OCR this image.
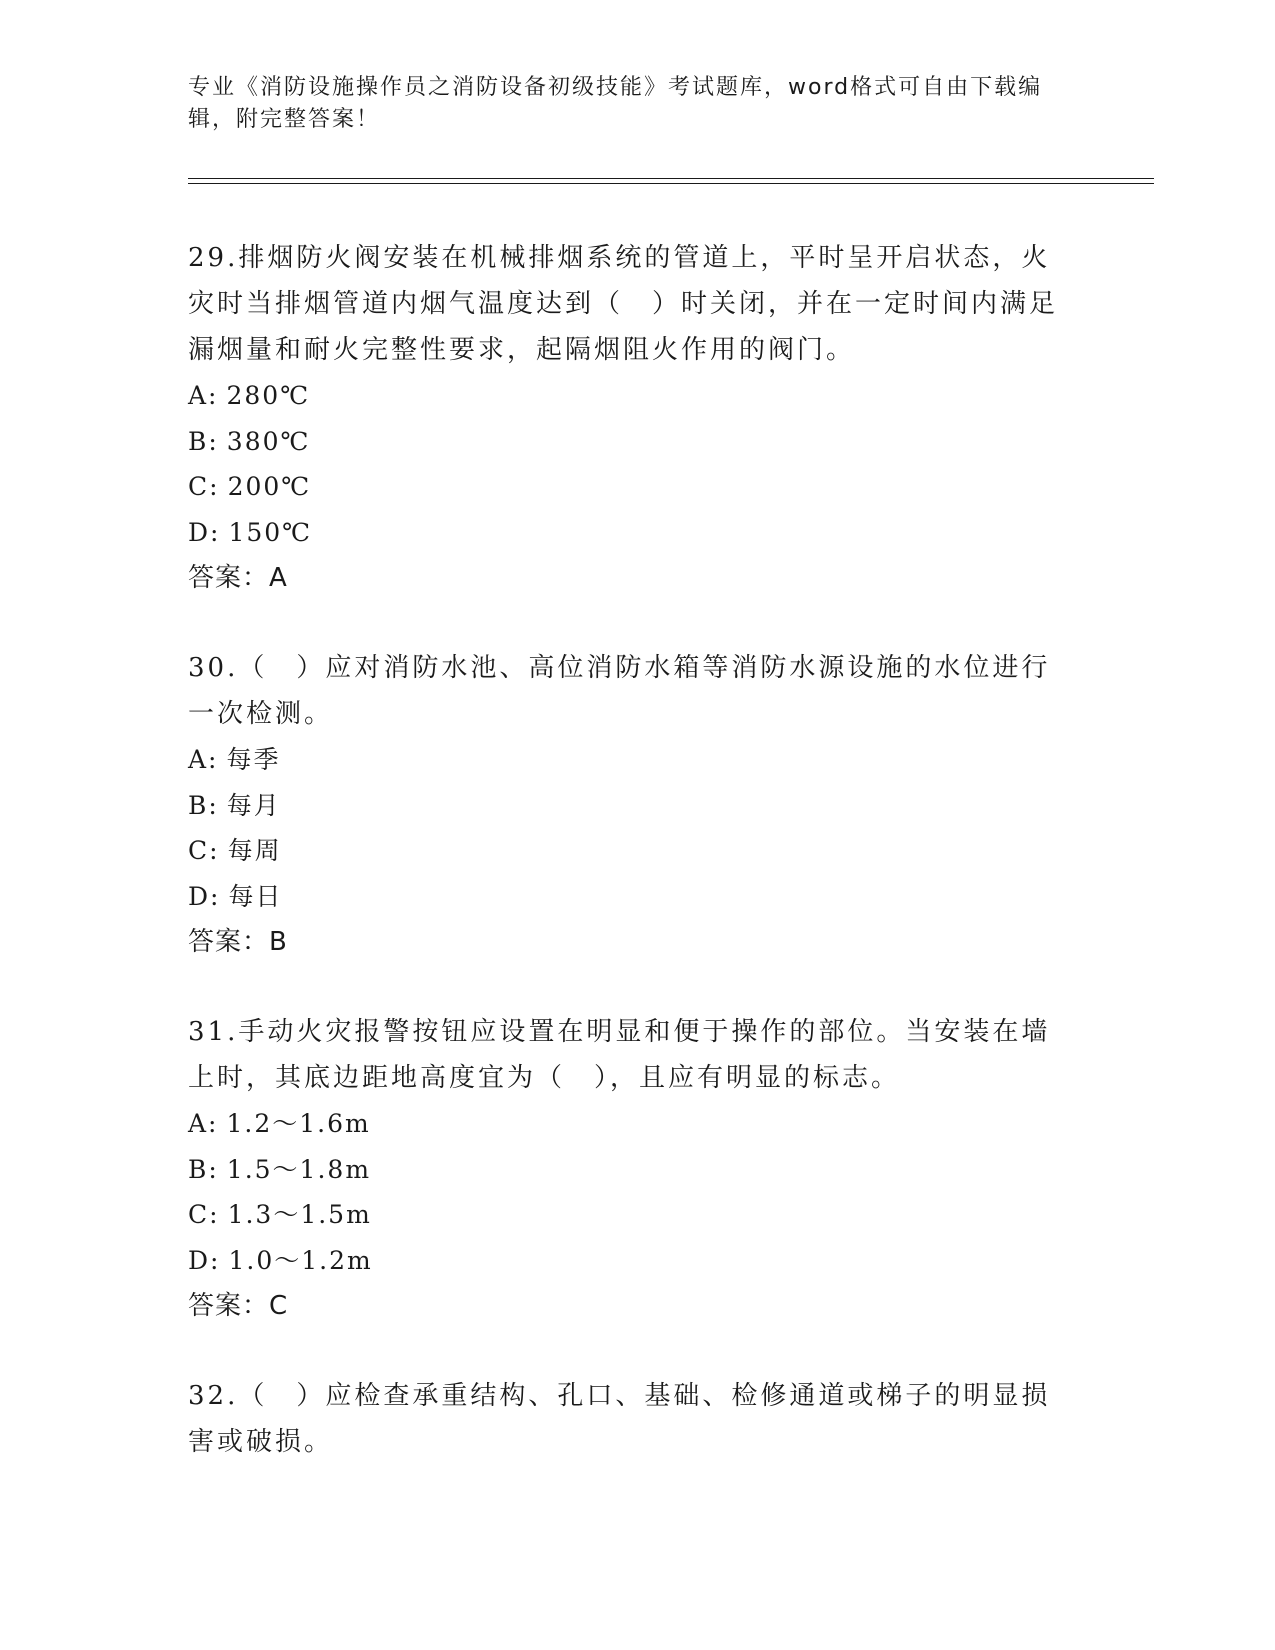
专业《消防设施操作员之消防设备初级技能》考试题库，word格式可自由下载编辑，附完整答案！
29.排烟防火阀安装在机械排烟系统的管道上，平时呈开启状态，火灾时当排烟管道内烟气温度达到（　）时关闭，并在一定时间内满足漏烟量和耐火完整性要求，起隔烟阻火作用的阀门。
A: 280℃
B: 380℃
C: 200℃
D: 150℃
答案：A
30.（　）应对消防水池、高位消防水箱等消防水源设施的水位进行一次检测。
A: 每季
B: 每月
C: 每周
D: 每日
答案：B
31.手动火灾报警按钮应设置在明显和便于操作的部位。当安装在墙上时，其底边距地高度宜为（　），且应有明显的标志。
A: 1.2～1.6m
B: 1.5～1.8m
C: 1.3～1.5m
D: 1.0～1.2m
答案：C
32.（　）应检查承重结构、孔口、基础、检修通道或梯子的明显损害或破损。
